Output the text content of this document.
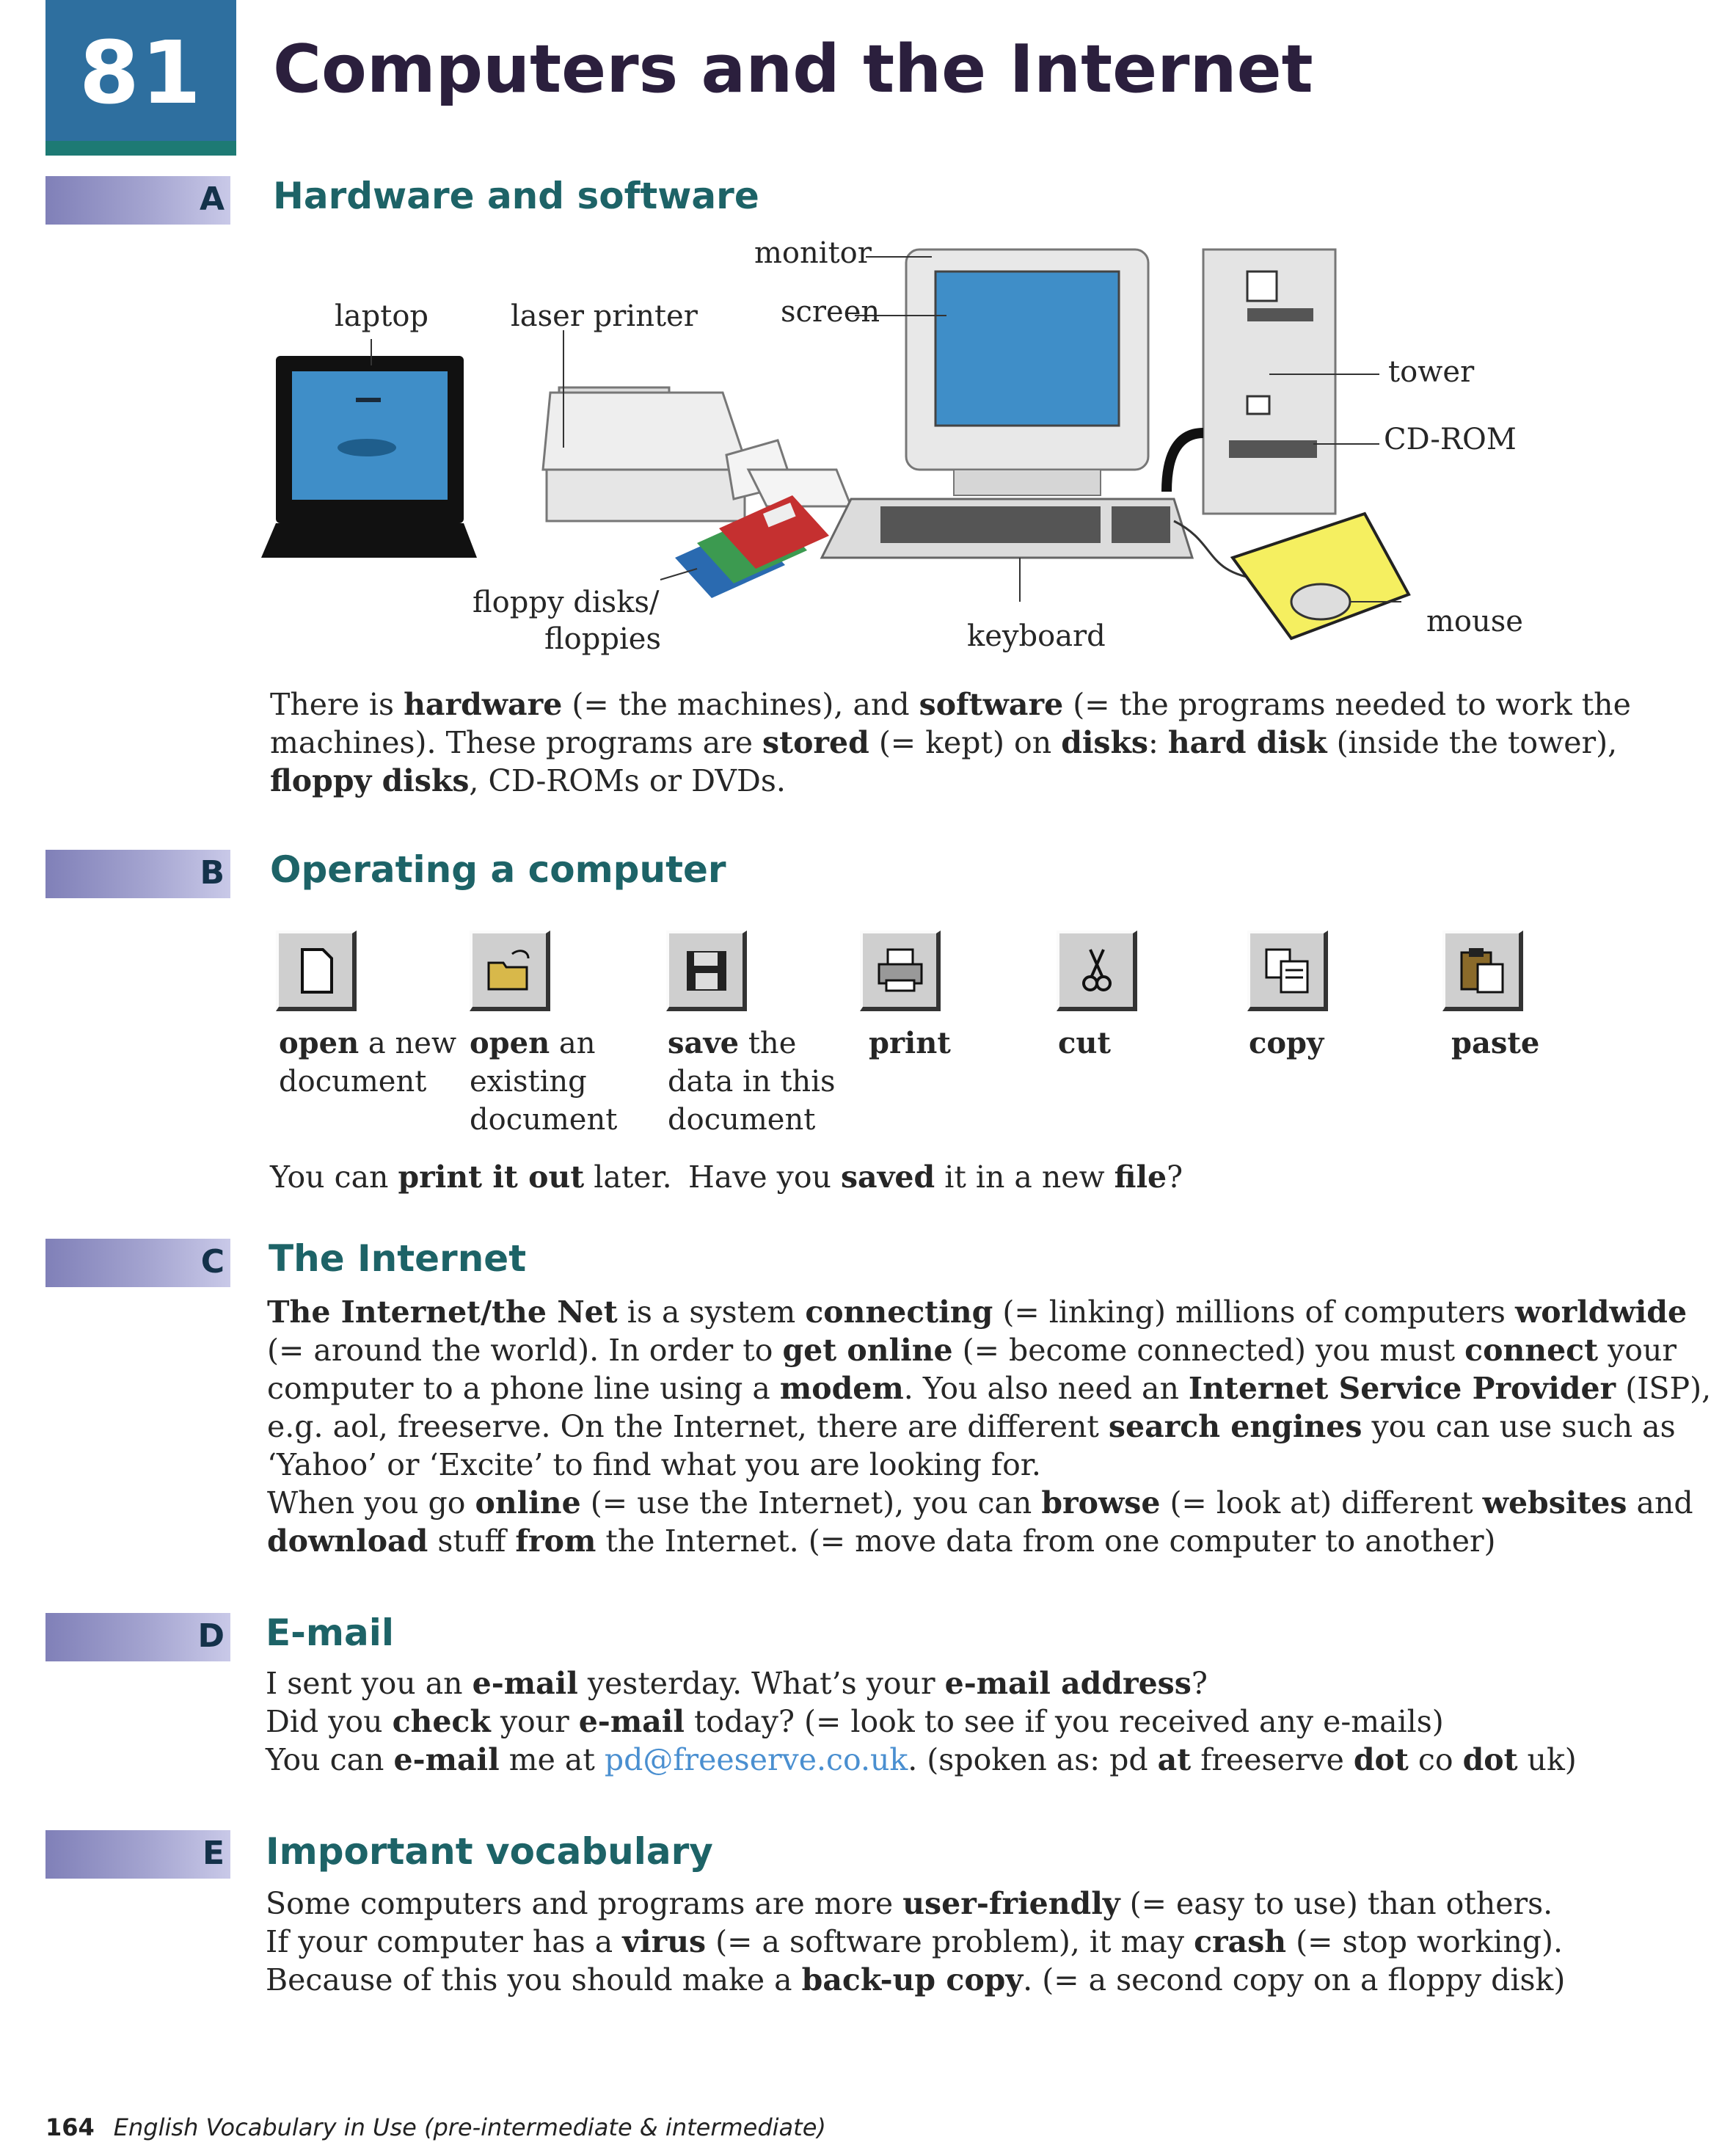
81	Computers and the Internet
A Hardware and software
monitor
screen
laptop	laser printer
tower
CD-ROM
floppy disks/
floppies	keyboard	mouse

There is hardware (= the machines), and software (= the programs needed to work the

machines). These programs are stored (= kept) on disks: hard disk (inside the tower),

floppy disks, CD-ROMs or DVDs.

B Operating a computer
open a new
document
open an
existing
document
save the
data in this
document
print	cut	copy	paste
You can print it out later. Have you saved it in a new file?
C The Internet

The Internet/the Net is a system connecting (= linking) millions of computers worldwide

(= around the world). In order to get online (= become connected) you must connect your

computer to a phone line using a modem. You also need an Internet Service Provider (ISP),

e.g. aol, freeserve. On the Internet, there are different search engines you can use such as

‘Yahoo’ or ‘Excite’ to find what you are looking for.

When you go online (= use the Internet), you can browse (= look at) different websites and

download stuff from the Internet. (= move data from one computer to another)

D E-mail

I sent you an e-mail yesterday. What’s your e-mail address?

Did you check your e-mail today? (= look to see if you received any e-mails)

You can e-mail me at pd@freeserve.co.uk. (spoken as: pd at freeserve dot co dot uk)

E Important vocabulary

Some computers and programs are more user-friendly (= easy to use) than others.

If your computer has a virus (= a software problem), it may crash (= stop working).

Because of this you should make a back-up copy. (= a second copy on a floppy disk)

164 English Vocabulary in Use (pre-intermediate & intermediate)
